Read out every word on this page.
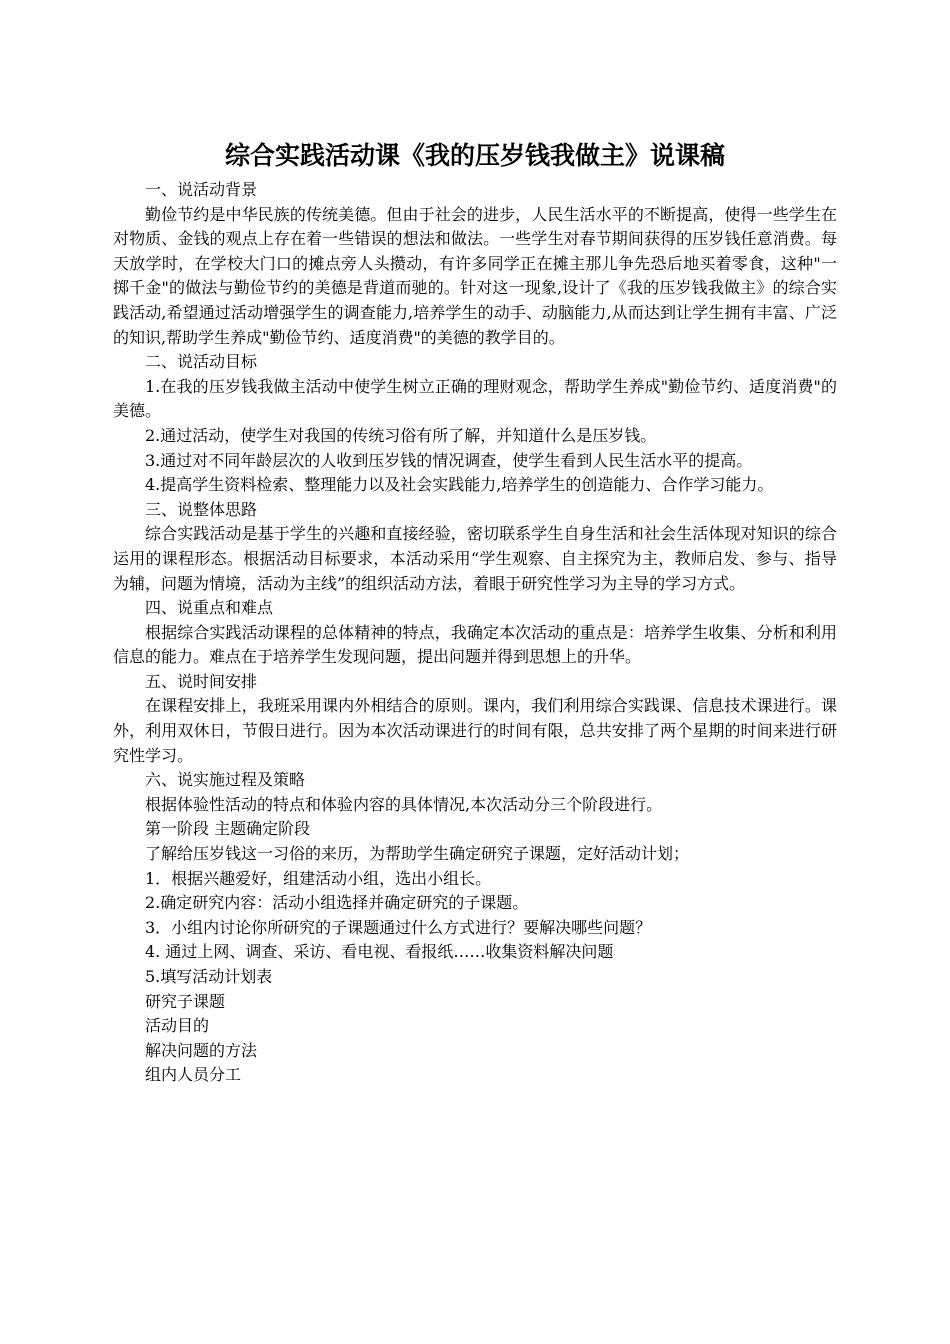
综合实践活动课《我的压岁钱我做主》说课稿

一、说活动背景

勤俭节约是中华民族的传统美德。但由于社会的进步，人民生活水平的不断提高，使得一些学生在对物质、金钱的观点上存在着一些错误的想法和做法。一些学生对春节期间获得的压岁钱任意消费。每天放学时，在学校大门口的摊点旁人头攒动，有许多同学正在摊主那儿争先恐后地买着零食，这种"一掷千金"的做法与勤俭节约的美德是背道而驰的。针对这一现象,设计了《我的压岁钱我做主》的综合实践活动,希望通过活动增强学生的调查能力,培养学生的动手、动脑能力,从而达到让学生拥有丰富、广泛的知识,帮助学生养成"勤俭节约、适度消费"的美德的教学目的。

二、说活动目标

1.在我的压岁钱我做主活动中使学生树立正确的理财观念，帮助学生养成"勤俭节约、适度消费"的美德。

2.通过活动，使学生对我国的传统习俗有所了解，并知道什么是压岁钱。

3.通过对不同年龄层次的人收到压岁钱的情况调查，使学生看到人民生活水平的提高。

4.提高学生资料检索、整理能力以及社会实践能力,培养学生的创造能力、合作学习能力。

三、说整体思路

综合实践活动是基于学生的兴趣和直接经验，密切联系学生自身生活和社会生活体现对知识的综合运用的课程形态。根据活动目标要求，本活动采用“学生观察、自主探究为主，教师启发、参与、指导为辅，问题为情境，活动为主线”的组织活动方法，着眼于研究性学习为主导的学习方式。

四、说重点和难点

根据综合实践活动课程的总体精神的特点，我确定本次活动的重点是：培养学生收集、分析和利用信息的能力。难点在于培养学生发现问题，提出问题并得到思想上的升华。

五、说时间安排

在课程安排上，我班采用课内外相结合的原则。课内，我们利用综合实践课、信息技术课进行。课外，利用双休日，节假日进行。因为本次活动课进行的时间有限，总共安排了两个星期的时间来进行研究性学习。

六、说实施过程及策略

根据体验性活动的特点和体验内容的具体情况,本次活动分三个阶段进行。

第一阶段 主题确定阶段

了解给压岁钱这一习俗的来历，为帮助学生确定研究子课题，定好活动计划；

1．根据兴趣爱好，组建活动小组，选出小组长。

2.确定研究内容：活动小组选择并确定研究的子课题。

3．小组内讨论你所研究的子课题通过什么方式进行？要解决哪些问题？

4. 通过上网、调查、采访、看电视、看报纸……收集资料解决问题

5.填写活动计划表

研究子课题

活动目的

解决问题的方法

组内人员分工
